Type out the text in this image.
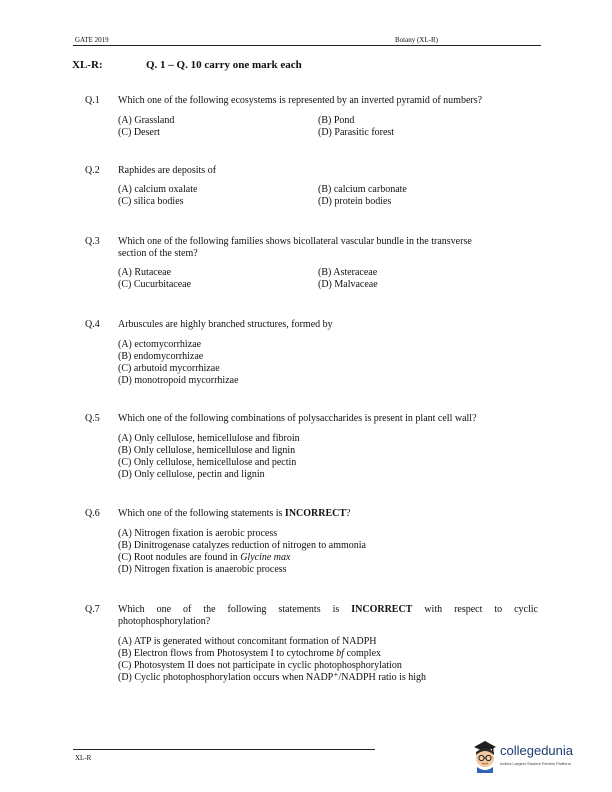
GATE 2019	Botany (XL-R)
XL-R:	Q. 1 – Q. 10 carry one mark each
Q.1 Which one of the following ecosystems is represented by an inverted pyramid of numbers?
(A) Grassland	(B) Pond
(C) Desert	(D) Parasitic forest
Q.2 Raphides are deposits of
(A) calcium oxalate	(B) calcium carbonate
(C) silica bodies	(D) protein bodies
Q.3 Which one of the following families shows bicollateral vascular bundle in the transverse
section of the stem?
(A) Rutaceae	(B) Asteraceae
(C) Cucurbitaceae	(D) Malvaceae
Q.4 Arbuscules are highly branched structures, formed by
(A) ectomycorrhizae
(B) endomycorrhizae
(C) arbutoid mycorrhizae
(D) monotropoid mycorrhizae
Q.5 Which one of the following combinations of polysaccharides is present in plant cell wall?
(A) Only cellulose, hemicellulose and fibroin
(B) Only cellulose, hemicellulose and lignin
(C) Only cellulose, hemicellulose and pectin
(D) Only cellulose, pectin and lignin
Q.6 Which one of the following statements is INCORRECT?
(A) Nitrogen fixation is aerobic process
(B) Dinitrogenase catalyzes reduction of nitrogen to ammonia
(C) Root nodules are found in Glycine max
(D) Nitrogen fixation is anaerobic process
Q.7 Which one of the following statements is INCORRECT with respect to cyclic
photophosphorylation?
(A) ATP is generated without concomitant formation of NADPH
(B) Electron flows from Photosystem I to cytochrome bf complex
(C) Photosystem II does not participate in cyclic photophosphorylation
(D) Cyclic photophosphorylation occurs when NADP⁺/NADPH ratio is high
XL-R	collegedunia
India's Largest Student Review Platform
